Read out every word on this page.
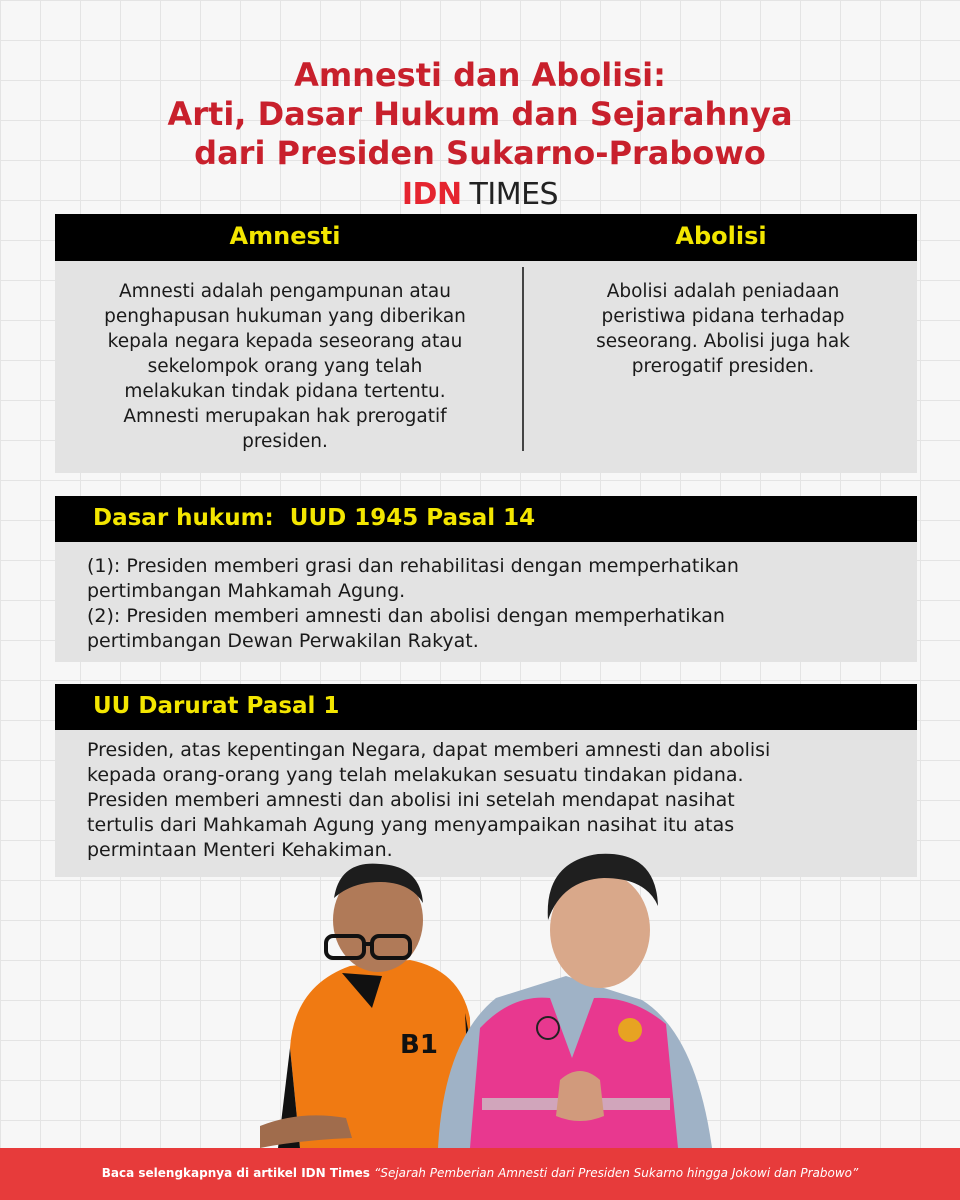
Amnesti dan Abolisi:
Arti, Dasar Hukum dan Sejarahnya
dari Presiden Sukarno-Prabowo
IDN TIMES
Amnesti	Abolisi
Amnesti adalah pengampunan atau
penghapusan hukuman yang diberikan
kepala negara kepada seseorang atau
sekelompok orang yang telah
melakukan tindak pidana tertentu.
Amnesti merupakan hak prerogatif
presiden.
Abolisi adalah peniadaan
peristiwa pidana terhadap
seseorang. Abolisi juga hak
prerogatif presiden.
Dasar hukum:  UUD 1945 Pasal 14
(1): Presiden memberi grasi dan rehabilitasi dengan memperhatikan
pertimbangan Mahkamah Agung.
(2): Presiden memberi amnesti dan abolisi dengan memperhatikan
pertimbangan Dewan Perwakilan Rakyat.
UU Darurat Pasal 1
Presiden, atas kepentingan Negara, dapat memberi amnesti dan abolisi
kepada orang-orang yang telah melakukan sesuatu tindakan pidana.
Presiden memberi amnesti dan abolisi ini setelah mendapat nasihat
tertulis dari Mahkamah Agung yang menyampaikan nasihat itu atas
permintaan Menteri Kehakiman.
B1
Baca selengkapnya di artikel IDN Times “Sejarah Pemberian Amnesti dari Presiden Sukarno hingga Jokowi dan Prabowo”
